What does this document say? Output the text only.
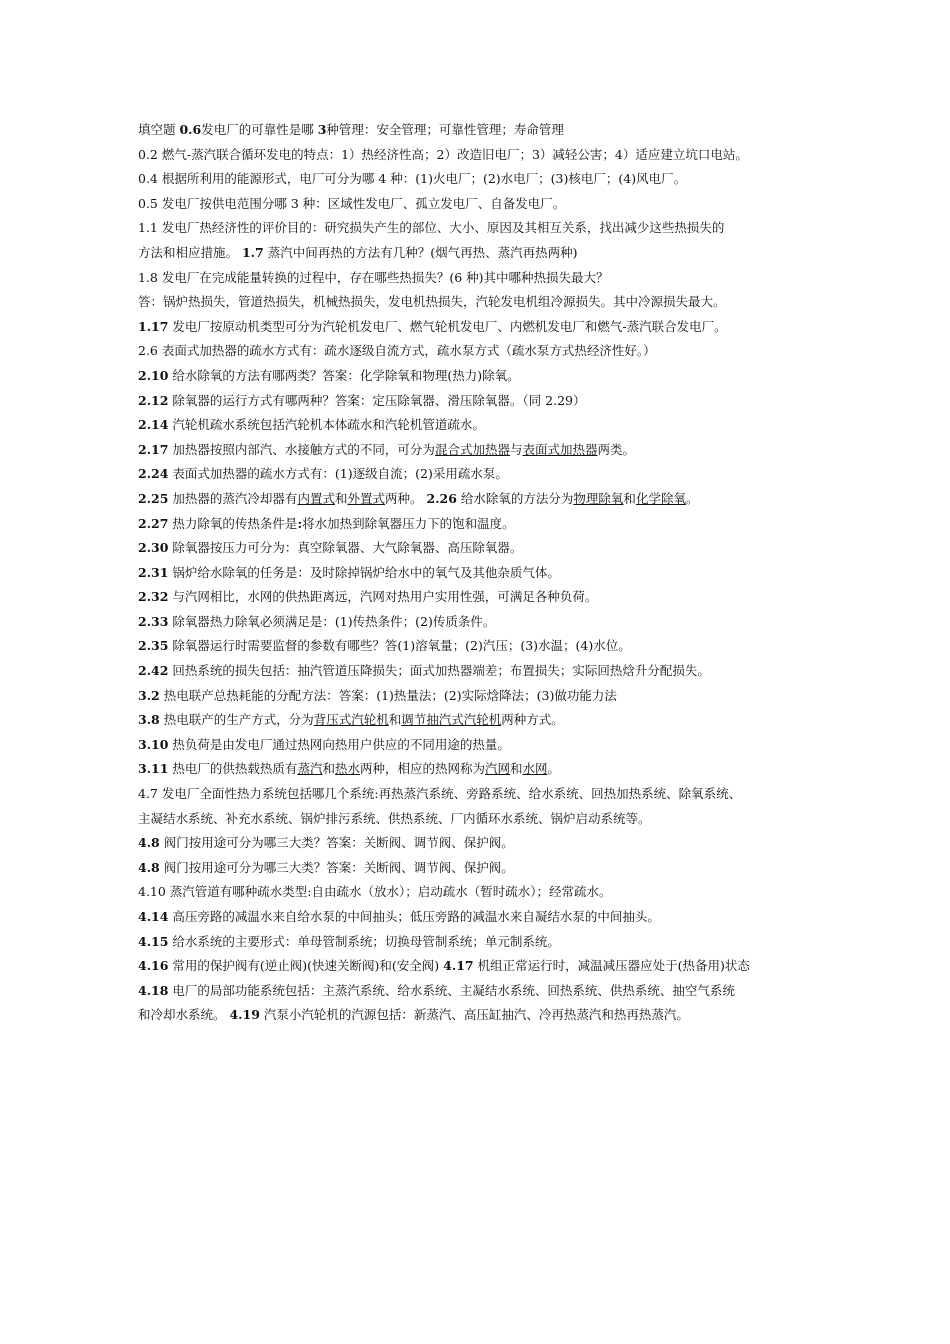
填空题 0.6发电厂的可靠性是哪 3种管理：安全管理；可靠性管理；寿命管理
0.2 燃气-蒸汽联合循环发电的特点：1）热经济性高；2）改造旧电厂；3）减轻公害；4）适应建立坑口电站。
0.4 根据所利用的能源形式，电厂可分为哪 4 种：(1)火电厂；(2)水电厂；(3)核电厂；(4)风电厂。
0.5 发电厂按供电范围分哪 3 种：区域性发电厂、孤立发电厂、自备发电厂。
1.1 发电厂热经济性的评价目的：研究损失产生的部位、大小、原因及其相互关系，找出减少这些热损失的
方法和相应措施。 1.7 蒸汽中间再热的方法有几种？(烟气再热、蒸汽再热两种)
1.8 发电厂在完成能量转换的过程中，存在哪些热损失？(6 种)其中哪种热损失最大？
答：锅炉热损失，管道热损失，机械热损失，发电机热损失，汽轮发电机组冷源损失。其中冷源损失最大。
1.17 发电厂按原动机类型可分为汽轮机发电厂、燃气轮机发电厂、内燃机发电厂和燃气-蒸汽联合发电厂。
2.6 表面式加热器的疏水方式有：疏水逐级自流方式，疏水泵方式（疏水泵方式热经济性好。）
2.10 给水除氧的方法有哪两类？答案：化学除氧和物理(热力)除氧。
2.12 除氧器的运行方式有哪两种？答案：定压除氧器、滑压除氧器。（同 2.29）
2.14 汽轮机疏水系统包括汽轮机本体疏水和汽轮机管道疏水。
2.17 加热器按照内部汽、水接触方式的不同，可分为混合式加热器与表面式加热器两类。
2.24 表面式加热器的疏水方式有：(1)逐级自流；(2)采用疏水泵。
2.25 加热器的蒸汽冷却器有内置式和外置式两种。 2.26 给水除氧的方法分为物理除氧和化学除氧。
2.27 热力除氧的传热条件是:将水加热到除氧器压力下的饱和温度。
2.30 除氧器按压力可分为：真空除氧器、大气除氧器、高压除氧器。
2.31 锅炉给水除氧的任务是：及时除掉锅炉给水中的氧气及其他杂质气体。
2.32 与汽网相比，水网的供热距离远，汽网对热用户实用性强，可满足各种负荷。
2.33 除氧器热力除氧必须满足是：(1)传热条件；(2)传质条件。
2.35 除氧器运行时需要监督的参数有哪些？答(1)溶氧量；(2)汽压；(3)水温；(4)水位。
2.42 回热系统的损失包括：抽汽管道压降损失；面式加热器端差；布置损失；实际回热焓升分配损失。
3.2 热电联产总热耗能的分配方法：答案：(1)热量法；(2)实际焓降法；(3)做功能力法
3.8 热电联产的生产方式，分为背压式汽轮机和调节抽汽式汽轮机两种方式。
3.10 热负荷是由发电厂通过热网向热用户供应的不同用途的热量。
3.11 热电厂的供热载热质有蒸汽和热水两种，相应的热网称为汽网和水网。
4.7 发电厂全面性热力系统包括哪几个系统:再热蒸汽系统、旁路系统、给水系统、回热加热系统、除氧系统、
主凝结水系统、补充水系统、锅炉排污系统、供热系统、厂内循环水系统、锅炉启动系统等。
4.8 阀门按用途可分为哪三大类？答案：关断阀、调节阀、保护阀。
4.8 阀门按用途可分为哪三大类？答案：关断阀、调节阀、保护阀。
4.10 蒸汽管道有哪种疏水类型:自由疏水（放水）；启动疏水（暂时疏水）；经常疏水。
4.14 高压旁路的减温水来自给水泵的中间抽头；低压旁路的减温水来自凝结水泵的中间抽头。
4.15 给水系统的主要形式：单母管制系统；切换母管制系统；单元制系统。
4.16 常用的保护阀有(逆止阀)(快速关断阀)和(安全阀) 4.17 机组正常运行时，减温减压器应处于(热备用)状态
4.18 电厂的局部功能系统包括：主蒸汽系统、给水系统、主凝结水系统、回热系统、供热系统、抽空气系统
和冷却水系统。 4.19 汽泵小汽轮机的汽源包括：新蒸汽、高压缸抽汽、冷再热蒸汽和热再热蒸汽。
